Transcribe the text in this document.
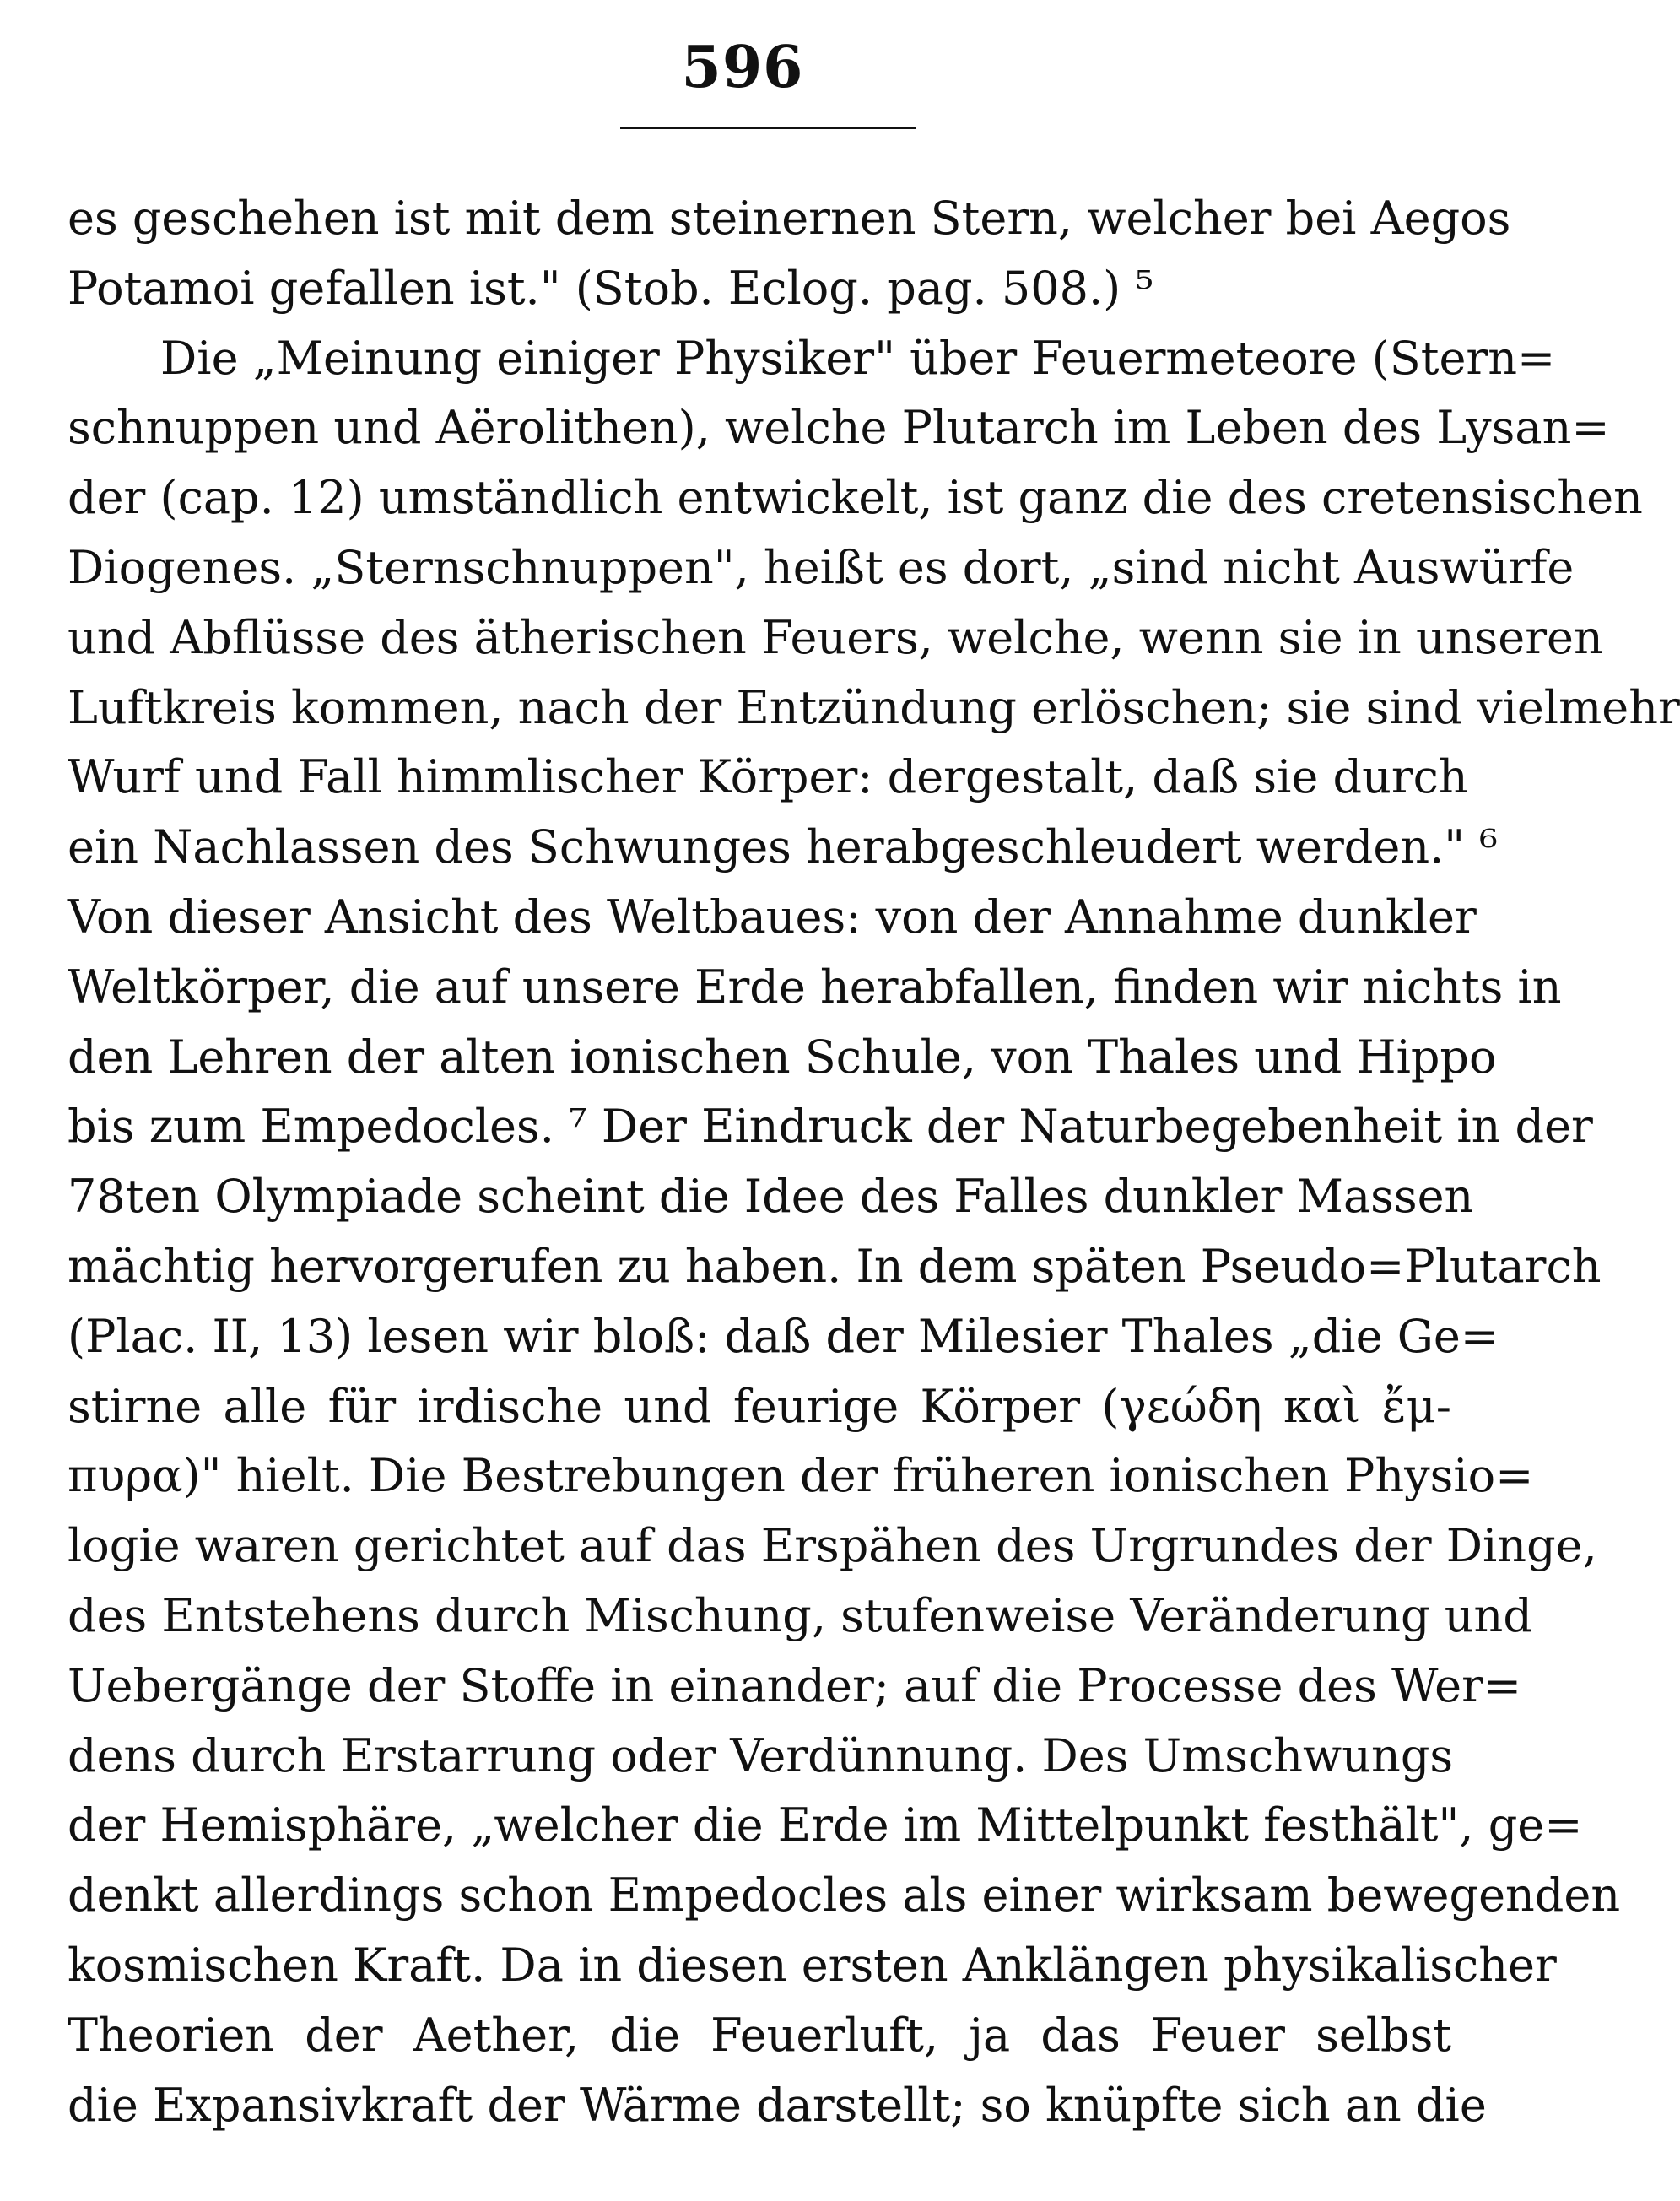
596
es geschehen ist mit dem steinernen Stern, welcher bei Aegos
Potamoi gefallen ist." (Stob. Eclog. pag. 508.) ⁵
Die „Meinung einiger Physiker" über Feuermeteore (Stern=
schnuppen und Aërolithen), welche Plutarch im Leben des Lysan=
der (cap. 12) umständlich entwickelt, ist ganz die des cretensischen
Diogenes. „Sternschnuppen", heißt es dort, „sind nicht Auswürfe
und Abflüsse des ätherischen Feuers, welche, wenn sie in unseren
Luftkreis kommen, nach der Entzündung erlöschen; sie sind vielmehr
Wurf und Fall himmlischer Körper: dergestalt, daß sie durch
ein Nachlassen des Schwunges herabgeschleudert werden." ⁶
Von dieser Ansicht des Weltbaues: von der Annahme dunkler
Weltkörper, die auf unsere Erde herabfallen, finden wir nichts in
den Lehren der alten ionischen Schule, von Thales und Hippo
bis zum Empedocles. ⁷ Der Eindruck der Naturbegebenheit in der
78ten Olympiade scheint die Idee des Falles dunkler Massen
mächtig hervorgerufen zu haben. In dem späten Pseudo=Plutarch
(Plac. II, 13) lesen wir bloß: daß der Milesier Thales „die Ge=
stirne alle für irdische und feurige Körper (γεώδη καὶ ἔμ-
πυρα)" hielt. Die Bestrebungen der früheren ionischen Physio=
logie waren gerichtet auf das Erspähen des Urgrundes der Dinge,
des Entstehens durch Mischung, stufenweise Veränderung und
Uebergänge der Stoffe in einander; auf die Processe des Wer=
dens durch Erstarrung oder Verdünnung. Des Umschwungs
der Hemisphäre, „welcher die Erde im Mittelpunkt festhält", ge=
denkt allerdings schon Empedocles als einer wirksam bewegenden
kosmischen Kraft. Da in diesen ersten Anklängen physikalischer
Theorien der Aether, die Feuerluft, ja das Feuer selbst
die Expansivkraft der Wärme darstellt; so knüpfte sich an die
